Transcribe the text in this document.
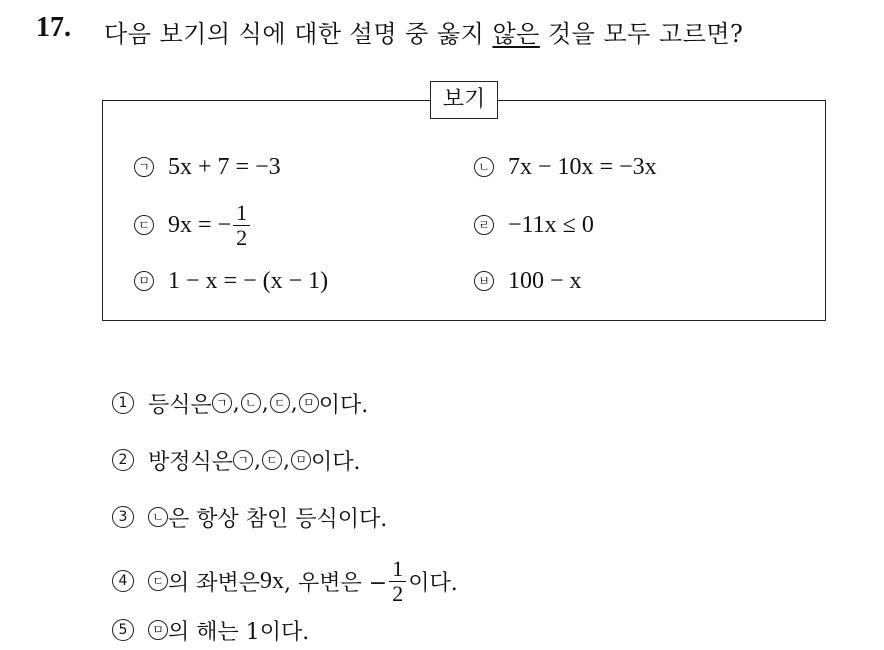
17. 다음 보기의 식에 대한 설명 중 옳지 않은 것을 모두 고르면?
보기
ㄱ 5x + 7 = −3	ㄴ 7x − 10x = −3x
ㄷ 9x = − $\frac{1}{2}$	ㄹ −11x ≤ 0
ㅁ 1 − x = − (x − 1)	ㅂ 100 − x
1 등식은 ㄱ , ㄴ , ㄷ , ㅁ 이다.
2 방정식은 ㄱ , ㄷ , ㅁ 이다.
3	ㄴ 은 항상 참인 등식이다.
4	ㄷ 의 좌변은 9x , 우변은 − $\frac{1}{2}$ 이다.
5	ㅁ 의 해는 1이다.
